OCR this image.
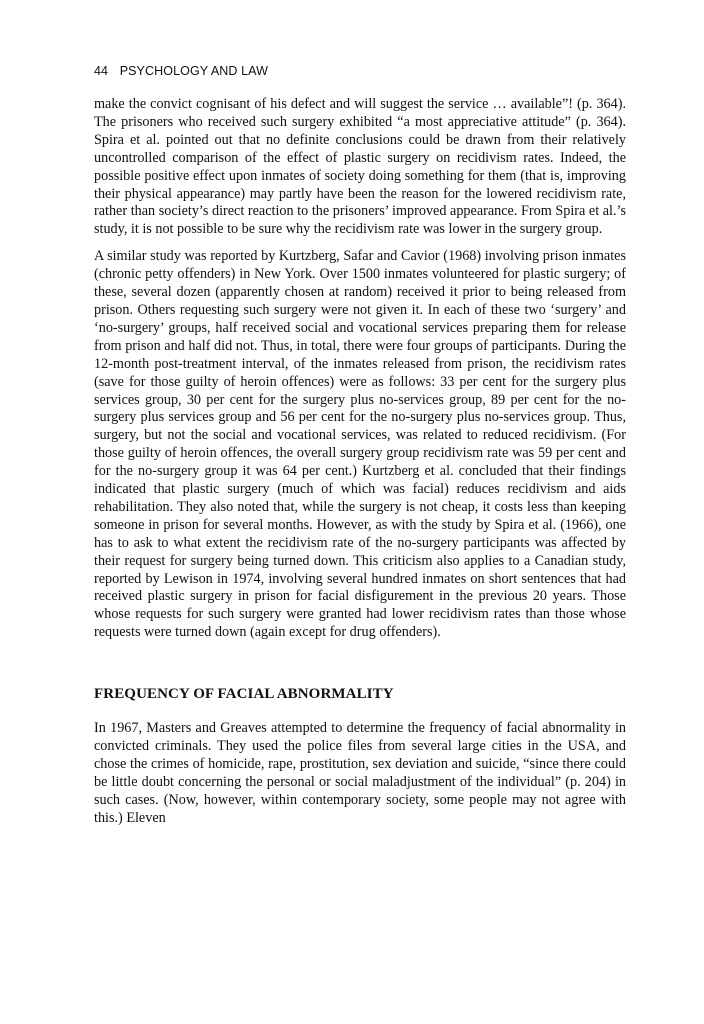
44 PSYCHOLOGY AND LAW

make the convict cognisant of his defect and will suggest the service … available”! (p. 364). The prisoners who received such surgery exhibited “a most appreciative attitude” (p. 364). Spira et al. pointed out that no definite conclusions could be drawn from their relatively uncontrolled comparison of the effect of plastic surgery on recidivism rates. Indeed, the possible positive effect upon inmates of society doing something for them (that is, improving their physical appearance) may partly have been the reason for the lowered recidivism rate, rather than society’s direct reaction to the prisoners’ improved appearance. From Spira et al.’s study, it is not possible to be sure why the recidivism rate was lower in the surgery group.

A similar study was reported by Kurtzberg, Safar and Cavior (1968) involving prison inmates (chronic petty offenders) in New York. Over 1500 inmates volunteered for plastic surgery; of these, several dozen (apparently chosen at random) received it prior to being released from prison. Others requesting such surgery were not given it. In each of these two ‘surgery’ and ‘no-surgery’ groups, half received social and vocational services preparing them for release from prison and half did not. Thus, in total, there were four groups of participants. During the 12-month post-treatment interval, of the inmates released from prison, the recidivism rates (save for those guilty of heroin offences) were as follows: 33 per cent for the surgery plus services group, 30 per cent for the surgery plus no-services group, 89 per cent for the no-surgery plus services group and 56 per cent for the no-surgery plus no-services group. Thus, surgery, but not the social and vocational services, was related to reduced recidivism. (For those guilty of heroin offences, the overall surgery group recidivism rate was 59 per cent and for the no-surgery group it was 64 per cent.) Kurtzberg et al. concluded that their findings indicated that plastic surgery (much of which was facial) reduces recidivism and aids rehabilitation. They also noted that, while the surgery is not cheap, it costs less than keeping someone in prison for several months. However, as with the study by Spira et al. (1966), one has to ask to what extent the recidivism rate of the no-surgery participants was affected by their request for surgery being turned down. This criticism also applies to a Canadian study, reported by Lewison in 1974, involving several hundred inmates on short sentences that had received plastic surgery in prison for facial disfigurement in the previous 20 years. Those whose requests for such surgery were granted had lower recidivism rates than those whose requests were turned down (again except for drug offenders).

FREQUENCY OF FACIAL ABNORMALITY

In 1967, Masters and Greaves attempted to determine the frequency of facial abnormality in convicted criminals. They used the police files from several large cities in the USA, and chose the crimes of homicide, rape, prostitution, sex deviation and suicide, “since there could be little doubt concerning the personal or social maladjustment of the individual” (p. 204) in such cases. (Now, however, within contemporary society, some people may not agree with this.) Eleven
